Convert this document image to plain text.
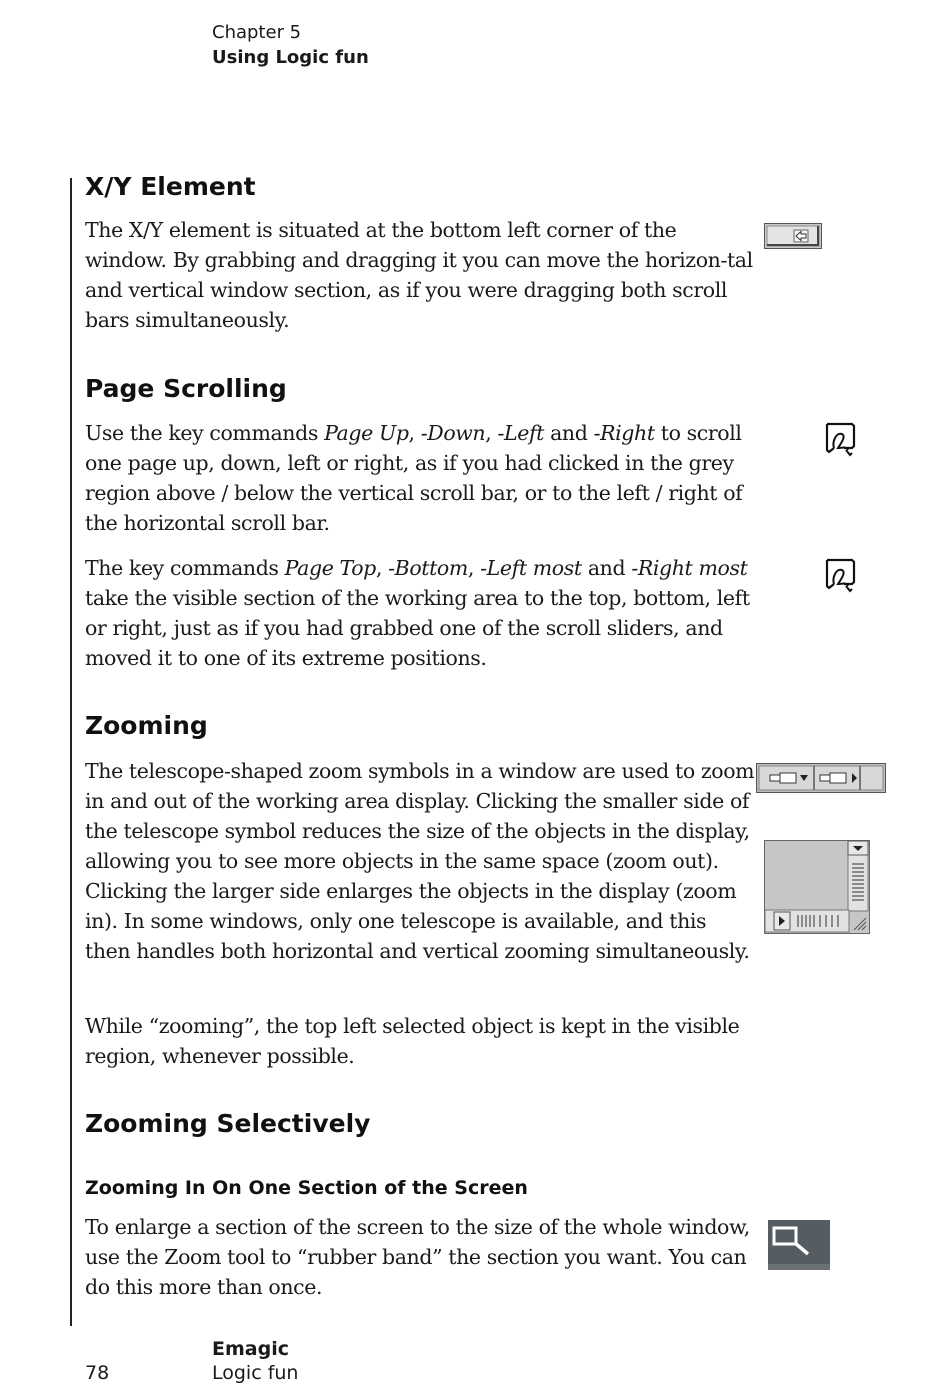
Chapter 5
Using Logic fun
X/Y Element

The X/Y element is situated at the bottom left corner of the window. By grabbing and dragging it you can move the horizon-tal and vertical window section, as if you were dragging both scroll bars simultaneously.

Page Scrolling

Use the key commands Page Up, -Down, -Left and -Right to scroll one page up, down, left or right, as if you had clicked in the grey region above / below the vertical scroll bar, or to the left / right of the horizontal scroll bar.

The key commands Page Top, -Bottom, -Left most and -Right most take the visible section of the working area to the top, bottom, left or right, just as if you had grabbed one of the scroll sliders, and moved it to one of its extreme positions.

Zooming

The telescope-shaped zoom symbols in a window are used to zoom in and out of the working area display. Clicking the smaller side of the telescope symbol reduces the size of the objects in the display, allowing you to see more objects in the same space (zoom out). Clicking the larger side enlarges the objects in the display (zoom in). In some windows, only one telescope is available, and this then handles both horizontal and vertical zooming simultaneously.

While “zooming”, the top left selected object is kept in the visible region, whenever possible.

Zooming Selectively
Zooming In On One Section of the Screen

To enlarge a section of the screen to the size of the whole window, use the Zoom tool to “rubber band” the section you want. You can do this more than once.

Emagic
78	Logic fun
